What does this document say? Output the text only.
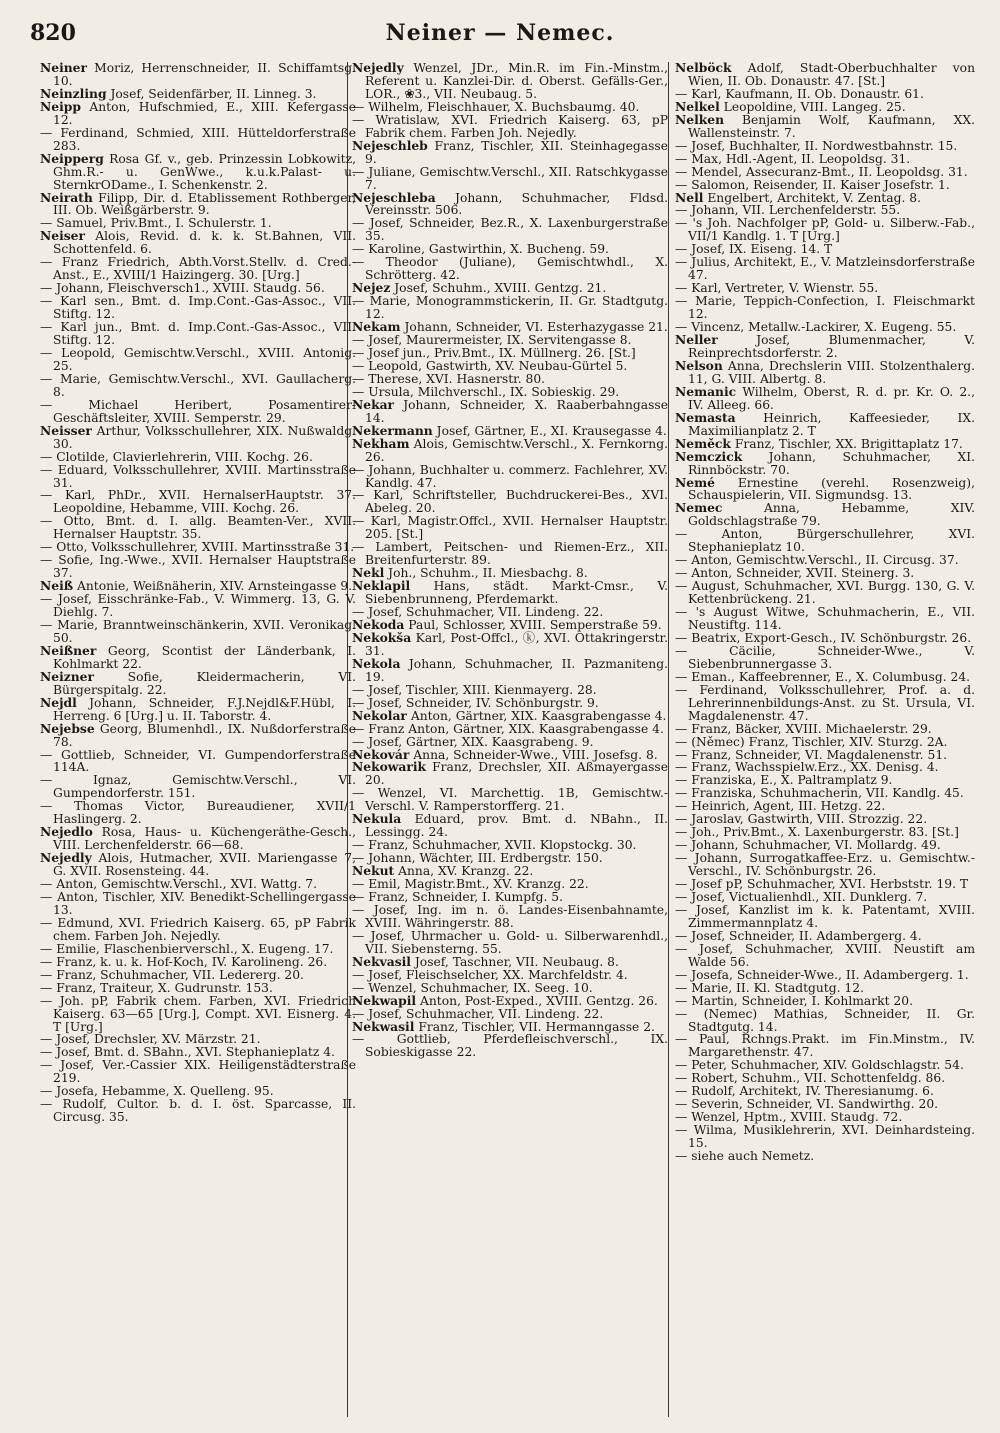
820	Neiner — Nemec.

Neiner Moriz, Herrenschneider, II. Schiffamtsg. 10.

Neinzling Josef, Seidenfärber, II. Linneg. 3.

Neipp Anton, Hufschmied, E., XIII. Kefergasse 12.

— Ferdinand, Schmied, XIII. Hütteldorferstraße 283.

Neipperg Rosa Gf. v., geb. Prinzessin Lobkowitz, Ghm.R.- u. GenWwe., k.u.k.Palast- u. SternkrODame., I. Schenkenstr. 2.

Neirath Filipp, Dir. d. Etablissement Rothberger, III. Ob. Weißgärberstr. 9.

— Samuel, Priv.Bmt., I. Schulerstr. 1.

Neiser Alois, Revid. d. k. k. St.Bahnen, VII. Schottenfeld. 6.

— Franz Friedrich, Abth.Vorst.Stellv. d. Cred.-Anst., E., XVIII/1 Haizingerg. 30. [Urg.]

— Johann, Fleischversch1., XVIII. Staudg. 56.

— Karl sen., Bmt. d. Imp.Cont.-Gas-Assoc., VII. Stiftg. 12.

— Karl jun., Bmt. d. Imp.Cont.-Gas-Assoc., VII. Stiftg. 12.

— Leopold, Gemischtw.Verschl., XVIII. Antonig. 25.

— Marie, Gemischtw.Verschl., XVI. Gaullacherg. 8.

— Michael Heribert, Posamentirer-Geschäftsleiter, XVIII. Semperstr. 29.

Neisser Arthur, Volksschullehrer, XIX. Nußwaldg. 30.

— Clotilde, Clavierlehrerin, VIII. Kochg. 26.

— Eduard, Volksschullehrer, XVIII. Martinsstraße 31.

— Karl, PhDr., XVII. HernalserHauptstr. 37. Leopoldine, Hebamme, VIII. Kochg. 26.

— Otto, Bmt. d. I. allg. Beamten-Ver., XVII. Hernalser Hauptstr. 35.

— Otto, Volksschullehrer, XVIII. Martinsstraße 31.

— Sofie, Ing.-Wwe., XVII. Hernalser Hauptstraße 37.

Neiß Antonie, Weißnäherin, XIV. Arnsteingasse 9.

— Josef, Eisschränke-Fab., V. Wimmerg. 13, G. V. Diehlg. 7.

— Marie, Branntweinschänkerin, XVII. Veronikag. 50.

Neißner Georg, Scontist der Länderbank, I. Kohlmarkt 22.

Neizner Sofie, Kleidermacherin, VI. Bürgerspitalg. 22.

Nejdl Johann, Schneider, F.J.Nejdl&F.Hübl, I. Herreng. 6 [Urg.] u. II. Taborstr. 4.

Nejebse Georg, Blumenhdl., IX. Nußdorferstraße 78.

— Gottlieb, Schneider, VI. Gumpendorferstraße 114A.

— Ignaz, Gemischtw.Verschl., VI. Gumpendorferstr. 151.

— Thomas Victor, Bureaudiener, XVII/1 Haslingerg. 2.

Nejedlo Rosa, Haus- u. Küchengeräthe-Gesch., VIII. Lerchenfelderstr. 66—68.

Nejedly Alois, Hutmacher, XVII. Mariengasse 7, G. XVII. Rosensteing. 44.

— Anton, Gemischtw.Verschl., XVI. Wattg. 7.

— Anton, Tischler, XIV. Benedikt-Schellingergasse 13.

— Edmund, XVI. Friedrich Kaiserg. 65, pP Fabrik chem. Farben Joh. Nejedly.

— Emilie, Flaschenbierverschl., X. Eugeng. 17.

— Franz, k. u. k. Hof-Koch, IV. Karolineng. 26.

— Franz, Schuhmacher, VII. Ledererg. 20.

— Franz, Traiteur, X. Gudrunstr. 153.

— Joh. pP, Fabrik chem. Farben, XVI. Friedrich Kaiserg. 63—65 [Urg.], Compt. XVI. Eisnerg. 4. T [Urg.]

— Josef, Drechsler, XV. Märzstr. 21.

— Josef, Bmt. d. SBahn., XVI. Stephanieplatz 4.

— Josef, Ver.-Cassier XIX. Heiligenstädterstraße 219.

— Josefa, Hebamme, X. Quelleng. 95.

— Rudolf, Cultor. b. d. I. öst. Sparcasse, II. Circusg. 35.

Nejedly Wenzel, JDr., Min.R. im Fin.-Minstm., Referent u. Kanzlei-Dir. d. Oberst. Gefälls-Ger., LOR., ❀3., VII. Neubaug. 5.

— Wilhelm, Fleischhauer, X. Buchsbaumg. 40.

— Wratislaw, XVI. Friedrich Kaiserg. 63, pP Fabrik chem. Farben Joh. Nejedly.

Nejeschleb Franz, Tischler, XII. Steinhagegasse 9.

— Juliane, Gemischtw.Verschl., XII. Ratschkygasse 7.

Nejeschleba Johann, Schuhmacher, Fldsd. Vereinsstr. 506.

— Josef, Schneider, Bez.R., X. Laxenburgerstraße 35.

— Karoline, Gastwirthin, X. Bucheng. 59.

— Theodor (Juliane), Gemischtwhdl., X. Schrötterg. 42.

Nejez Josef, Schuhm., XVIII. Gentzg. 21.

— Marie, Monogrammstickerin, II. Gr. Stadtgutg. 12.

Nekam Johann, Schneider, VI. Esterhazygasse 21.

— Josef, Maurermeister, IX. Servitengasse 8.

— Josef jun., Priv.Bmt., IX. Müllnerg. 26. [St.]

— Leopold, Gastwirth, XV. Neubau-Gürtel 5.

— Therese, XVI. Hasnerstr. 80.

— Ursula, Milchverschl., IX. Sobieskig. 29.

Nekar Johann, Schneider, X. Raaberbahngasse 14.

Nekermann Josef, Gärtner, E., XI. Krausegasse 4.

Nekham Alois, Gemischtw.Verschl., X. Fernkorng. 26.

— Johann, Buchhalter u. commerz. Fachlehrer, XV. Kandlg. 47.

— Karl, Schriftsteller, Buchdruckerei-Bes., XVI. Abeleg. 20.

— Karl, Magistr.Offcl., XVII. Hernalser Hauptstr. 205. [St.]

— Lambert, Peitschen- und Riemen-Erz., XII. Breitenfurterstr. 89.

Nekl Joh., Schuhm., II. Miesbachg. 8.

Neklapil Hans, städt. Markt-Cmsr., V. Siebenbrunneng, Pferdemarkt.

— Josef, Schuhmacher, VII. Lindeng. 22.

Nekoda Paul, Schlosser, XVIII. Semperstraße 59.

Nekokša Karl, Post-Offcl., ⓚ, XVI. Ottakringerstr. 31.

Nekola Johann, Schuhmacher, II. Pazmaniteng. 19.

— Josef, Tischler, XIII. Kienmayerg. 28.

— Josef, Schneider, IV. Schönburgstr. 9.

Nekolar Anton, Gärtner, XIX. Kaasgrabengasse 4.

— Franz Anton, Gärtner, XIX. Kaasgrabengasse 4.

— Josef, Gärtner, XIX. Kaasgrabeng. 9.

Nekovár Anna, Schneider-Wwe., VIII. Josefsg. 8.

Nekowarik Franz, Drechsler, XII. Aßmayergasse 20.

— Wenzel, VI. Marchettig. 1B, Gemischtw.-Verschl. V. Ramperstorfferg. 21.

Nekula Eduard, prov. Bmt. d. NBahn., II. Lessingg. 24.

— Franz, Schuhmacher, XVII. Klopstockg. 30.

— Johann, Wächter, III. Erdbergstr. 150.

Nekut Anna, XV. Kranzg. 22.

— Emil, Magistr.Bmt., XV. Kranzg. 22.

— Franz, Schneider, I. Kumpfg. 5.

— Josef, Ing. im n. ö. Landes-Eisenbahnamte, XVIII. Währingerstr. 88.

— Josef, Uhrmacher u. Gold- u. Silberwarenhdl., VII. Siebensterng. 55.

Nekvasil Josef, Taschner, VII. Neubaug. 8.

— Josef, Fleischselcher, XX. Marchfeldstr. 4.

— Wenzel, Schuhmacher, IX. Seeg. 10.

Nekwapil Anton, Post-Exped., XVIII. Gentzg. 26.

— Josef, Schuhmacher, VII. Lindeng. 22.

Nekwasil Franz, Tischler, VII. Hermanngasse 2.

— Gottlieb, Pferdefleischverschl., IX. Sobieskigasse 22.

Nelböck Adolf, Stadt-Oberbuchhalter von Wien, II. Ob. Donaustr. 47. [St.]

— Karl, Kaufmann, II. Ob. Donaustr. 61.

Nelkel Leopoldine, VIII. Langeg. 25.

Nelken Benjamin Wolf, Kaufmann, XX. Wallensteinstr. 7.

— Josef, Buchhalter, II. Nordwestbahnstr. 15.

— Max, Hdl.-Agent, II. Leopoldsg. 31.

— Mendel, Assecuranz-Bmt., II. Leopoldsg. 31.

— Salomon, Reisender, II. Kaiser Josefstr. 1.

Nell Engelbert, Architekt, V. Zentag. 8.

— Johann, VII. Lerchenfelderstr. 55.

— 's Joh. Nachfolger pP, Gold- u. Silberw.-Fab., VII/1 Kandlg. 1. T [Urg.]

— Josef, IX. Eiseng. 14. T

— Julius, Architekt, E., V. Matzleinsdorferstraße 47.

— Karl, Vertreter, V. Wienstr. 55.

— Marie, Teppich-Confection, I. Fleischmarkt 12.

— Vincenz, Metallw.-Lackirer, X. Eugeng. 55.

Neller Josef, Blumenmacher, V. Reinprechtsdorferstr. 2.

Nelson Anna, Drechslerin VIII. Stolzenthalerg. 11, G. VIII. Albertg. 8.

Nemanic Wilhelm, Oberst, R. d. pr. Kr. O. 2., IV. Alleeg. 66.

Nemasta Heinrich, Kaffeesieder, IX. Maximilianplatz 2. T

Neměck Franz, Tischler, XX. Brigittaplatz 17.

Nemczick Johann, Schuhmacher, XI. Rinnböckstr. 70.

Nemé Ernestine (verehl. Rosenzweig), Schauspielerin, VII. Sigmundsg. 13.

Nemec Anna, Hebamme, XIV. Goldschlagstraße 79.

— Anton, Bürgerschullehrer, XVI. Stephanieplatz 10.

— Anton, Gemischtw.Verschl., II. Circusg. 37.

— Anton, Schneider, XVII. Steinerg. 3.

— August, Schuhmacher, XVI. Burgg. 130, G. V. Kettenbrückeng. 21.

— 's August Witwe, Schuhmacherin, E., VII. Neustiftg. 114.

— Beatrix, Export-Gesch., IV. Schönburgstr. 26.

— Cäcilie, Schneider-Wwe., V. Siebenbrunnergasse 3.

— Eman., Kaffeebrenner, E., X. Columbusg. 24.

— Ferdinand, Volksschullehrer, Prof. a. d. Lehrerinnenbildungs-Anst. zu St. Ursula, VI. Magdalenenstr. 47.

— Franz, Bäcker, XVIII. Michaelerstr. 29.

— (Němec) Franz, Tischler, XIV. Sturzg. 2A.

— Franz, Schneider, VI. Magdalenenstr. 51.

— Franz, Wachsspielw.Erz., XX. Denisg. 4.

— Franziska, E., X. Paltramplatz 9.

— Franziska, Schuhmacherin, VII. Kandlg. 45.

— Heinrich, Agent, III. Hetzg. 22.

— Jaroslav, Gastwirth, VIII. Strozzig. 22.

— Joh., Priv.Bmt., X. Laxenburgerstr. 83. [St.]

— Johann, Schuhmacher, VI. Mollardg. 49.

— Johann, Surrogatkaffee-Erz. u. Gemischtw.-Verschl., IV. Schönburgstr. 26.

— Josef pP, Schuhmacher, XVI. Herbststr. 19. T

— Josef, Victualienhdl., XII. Dunklerg. 7.

— Josef, Kanzlist im k. k. Patentamt, XVIII. Zimmermannplatz 4.

— Josef, Schneider, II. Adambergerg. 4.

— Josef, Schuhmacher, XVIII. Neustift am Walde 56.

— Josefa, Schneider-Wwe., II. Adambergerg. 1.

— Marie, II. Kl. Stadtgutg. 12.

— Martin, Schneider, I. Kohlmarkt 20.

— (Nemec) Mathias, Schneider, II. Gr. Stadtgutg. 14.

— Paul, Rchngs.Prakt. im Fin.Minstm., IV. Margarethenstr. 47.

— Peter, Schuhmacher, XIV. Goldschlagstr. 54.

— Robert, Schuhm., VII. Schottenfeldg. 86.

— Rudolf, Architekt, IV. Theresianumg. 6.

— Severin, Schneider, VI. Sandwirthg. 20.

— Wenzel, Hptm., XVIII. Staudg. 72.

— Wilma, Musiklehrerin, XVI. Deinhardsteing. 15.

— siehe auch Nemetz.
